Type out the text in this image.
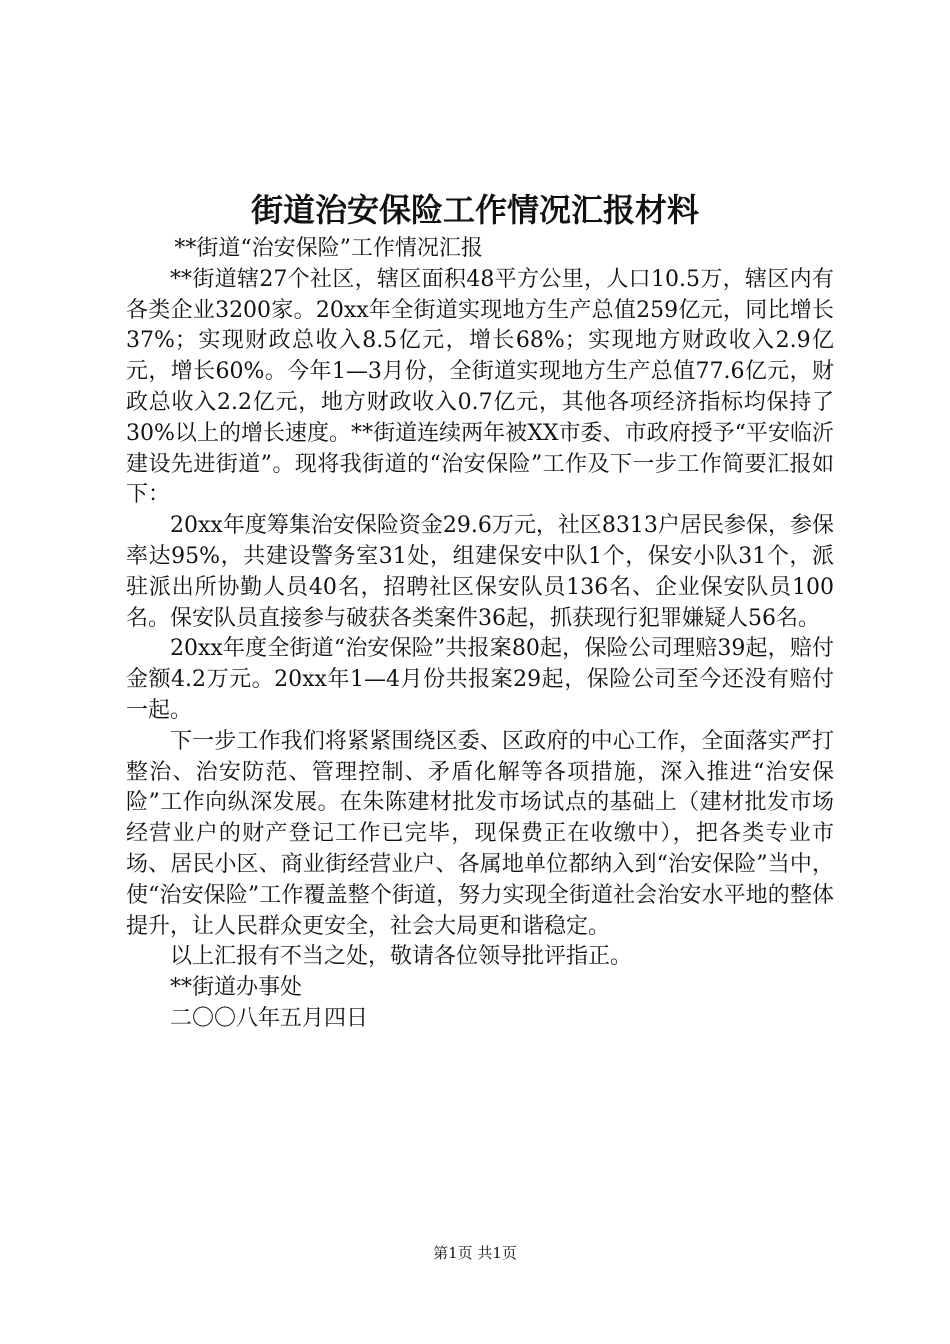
街道治安保险工作情况汇报材料

**街道“治安保险”工作情况汇报

**街道辖27个社区，辖区面积48平方公里，人口10.5万，辖区内有各类企业3200家。20xx年全街道实现地方生产总值259亿元，同比增长37%；实现财政总收入8.5亿元，增长68%；实现地方财政收入2.9亿元，增长60%。今年1—3月份，全街道实现地方生产总值77.6亿元，财政总收入2.2亿元，地方财政收入0.7亿元，其他各项经济指标均保持了30%以上的增长速度。**街道连续两年被XX市委、市政府授予“平安临沂建设先进街道”。现将我街道的“治安保险”工作及下一步工作简要汇报如下：

20xx年度筹集治安保险资金29.6万元，社区8313户居民参保，参保率达95%，共建设警务室31处，组建保安中队1个，保安小队31个，派驻派出所协勤人员40名，招聘社区保安队员136名、企业保安队员100名。保安队员直接参与破获各类案件36起，抓获现行犯罪嫌疑人56名。

20xx年度全街道“治安保险”共报案80起，保险公司理赔39起，赔付金额4.2万元。20xx年1—4月份共报案29起，保险公司至今还没有赔付一起。

下一步工作我们将紧紧围绕区委、区政府的中心工作，全面落实严打整治、治安防范、管理控制、矛盾化解等各项措施，深入推进“治安保险”工作向纵深发展。在朱陈建材批发市场试点的基础上（建材批发市场经营业户的财产登记工作已完毕，现保费正在收缴中），把各类专业市场、居民小区、商业街经营业户、各属地单位都纳入到“治安保险”当中，使“治安保险”工作覆盖整个街道，努力实现全街道社会治安水平地的整体提升，让人民群众更安全，社会大局更和谐稳定。

以上汇报有不当之处，敬请各位领导批评指正。

**街道办事处

二〇〇八年五月四日

第1页 共1页
